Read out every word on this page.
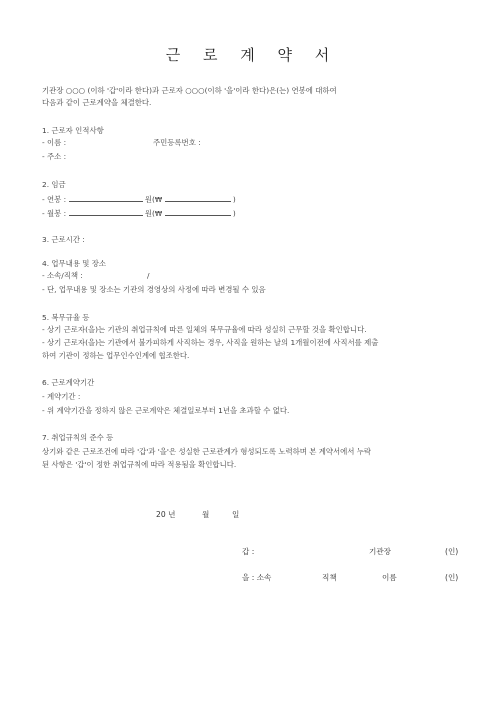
근 로 계 약 서
기관장 ○○○ (이하 '갑'이라 한다)과 근로자 ○○○(이하 '을'이라 한다)은(는) 연봉에 대하여
다음과 같이 근로계약을 체결한다.
1. 근로자 인적사항
- 이름 :	주민등록번호 :
- 주소 :
2. 임금
- 연봉 :	원(₩	)
- 월봉 :	원(₩	)
3. 근로시간 :
4. 업무내용 및 장소
- 소속/직책 :	/
- 단, 업무내용 및 장소는 기관의 경영상의 사정에 따라 변경될 수 있음
5. 복무규율 등
- 상기 근로자(을)는 기관의 취업규칙에 따른 일체의 복무규율에 따라 성실히 근무할 것을 확인합니다.
- 상기 근로자(을)는 기관에서 불가피하게 사직하는 경우, 사직을 원하는 날의 1개월이전에 사직서를 제출
하여 기관이 정하는 업무인수인계에 협조한다.
6. 근로계약기간
- 계약기간 :
- 위 계약기간을 정하지 않은 근로계약은 체결일로부터 1년을 초과할 수 없다.
7. 취업규칙의 준수 등
상기와 같은 근로조건에 따라 '갑'과 '을'은 성실한 근로관계가 형성되도록 노력하며 본 계약서에서 누락
된 사항은 '갑'이 정한 취업규칙에 따라 적용됨을 확인합니다.
20 년	월	일
갑 :	기관장	(인)
을 : 소속	직책	이름	(인)
